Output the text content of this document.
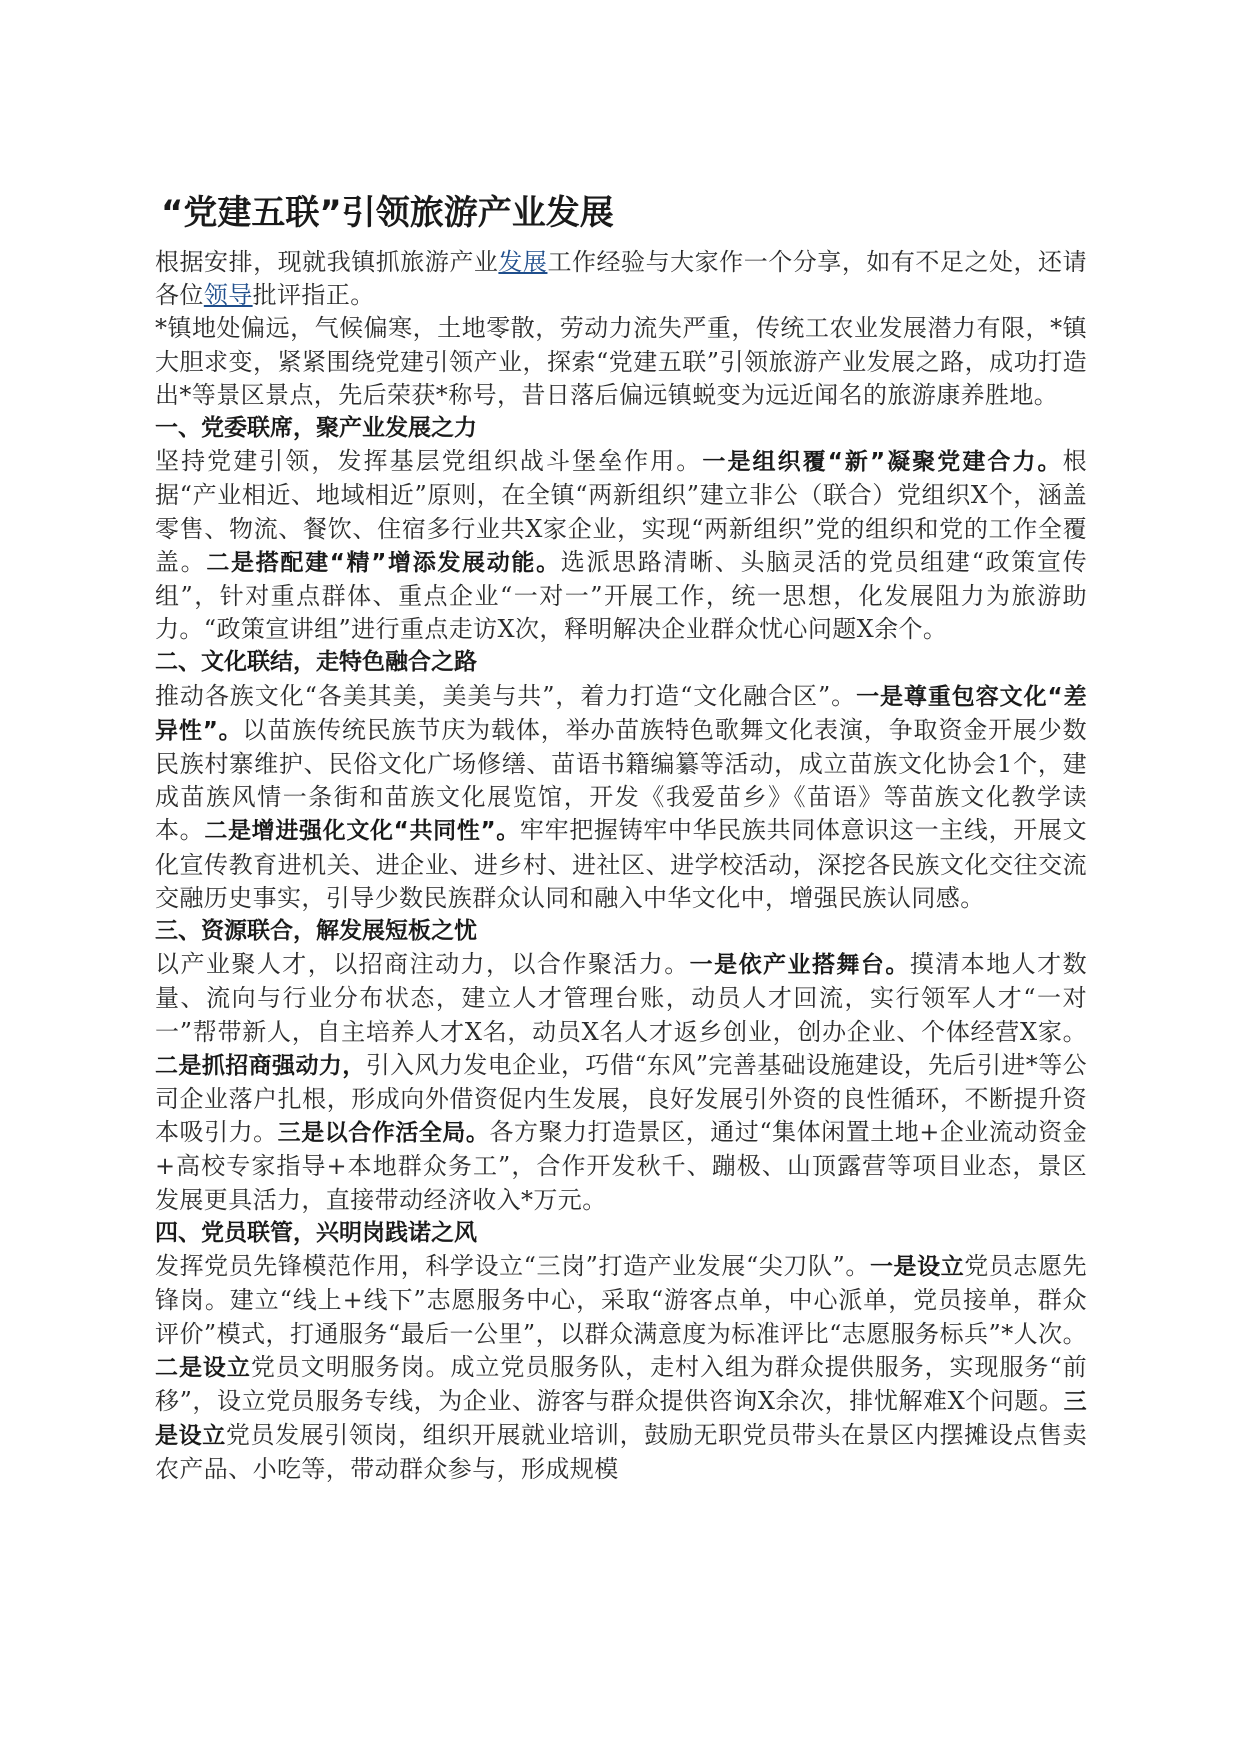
“党建五联”引领旅游产业发展

根据安排，现就我镇抓旅游产业发展工作经验与大家作一个分享，如有不足之处，还请各位领导批评指正。

*镇地处偏远，气候偏寒，土地零散，劳动力流失严重，传统工农业发展潜力有限，*镇大胆求变，紧紧围绕党建引领产业，探索“党建五联”引领旅游产业发展之路，成功打造出*等景区景点，先后荣获*称号，昔日落后偏远镇蜕变为远近闻名的旅游康养胜地。

一、党委联席，聚产业发展之力

坚持党建引领，发挥基层党组织战斗堡垒作用。一是组织覆“新”凝聚党建合力。根据“产业相近、地域相近”原则，在全镇“两新组织”建立非公（联合）党组织X个，涵盖零售、物流、餐饮、住宿多行业共X家企业，实现“两新组织”党的组织和党的工作全覆盖。二是搭配建“精”增添发展动能。选派思路清晰、头脑灵活的党员组建“政策宣传组”，针对重点群体、重点企业“一对一”开展工作，统一思想，化发展阻力为旅游助力。“政策宣讲组”进行重点走访X次，释明解决企业群众忧心问题X余个。

二、文化联结，走特色融合之路

推动各族文化“各美其美，美美与共”，着力打造“文化融合区”。一是尊重包容文化“差异性”。以苗族传统民族节庆为载体，举办苗族特色歌舞文化表演，争取资金开展少数民族村寨维护、民俗文化广场修缮、苗语书籍编纂等活动，成立苗族文化协会1个，建成苗族风情一条街和苗族文化展览馆，开发《我爱苗乡》《苗语》等苗族文化教学读本。二是增进强化文化“共同性”。牢牢把握铸牢中华民族共同体意识这一主线，开展文化宣传教育进机关、进企业、进乡村、进社区、进学校活动，深挖各民族文化交往交流交融历史事实，引导少数民族群众认同和融入中华文化中，增强民族认同感。

三、资源联合，解发展短板之忧

以产业聚人才，以招商注动力，以合作聚活力。一是依产业搭舞台。摸清本地人才数量、流向与行业分布状态，建立人才管理台账，动员人才回流，实行领军人才“一对一”帮带新人，自主培养人才X名，动员X名人才返乡创业，创办企业、个体经营X家。二是抓招商强动力，引入风力发电企业，巧借“东风”完善基础设施建设，先后引进*等公司企业落户扎根，形成向外借资促内生发展，良好发展引外资的良性循环，不断提升资本吸引力。三是以合作活全局。各方聚力打造景区，通过“集体闲置土地+企业流动资金+高校专家指导+本地群众务工”，合作开发秋千、蹦极、山顶露营等项目业态，景区发展更具活力，直接带动经济收入*万元。

四、党员联管，兴明岗践诺之风

发挥党员先锋模范作用，科学设立“三岗”打造产业发展“尖刀队”。一是设立党员志愿先锋岗。建立“线上+线下”志愿服务中心，采取“游客点单，中心派单，党员接单，群众评价”模式，打通服务“最后一公里”，以群众满意度为标准评比“志愿服务标兵”*人次。二是设立党员文明服务岗。成立党员服务队，走村入组为群众提供服务，实现服务“前移”，设立党员服务专线，为企业、游客与群众提供咨询X余次，排忧解难X个问题。三是设立党员发展引领岗，组织开展就业培训，鼓励无职党员带头在景区内摆摊设点售卖农产品、小吃等，带动群众参与，形成规模
